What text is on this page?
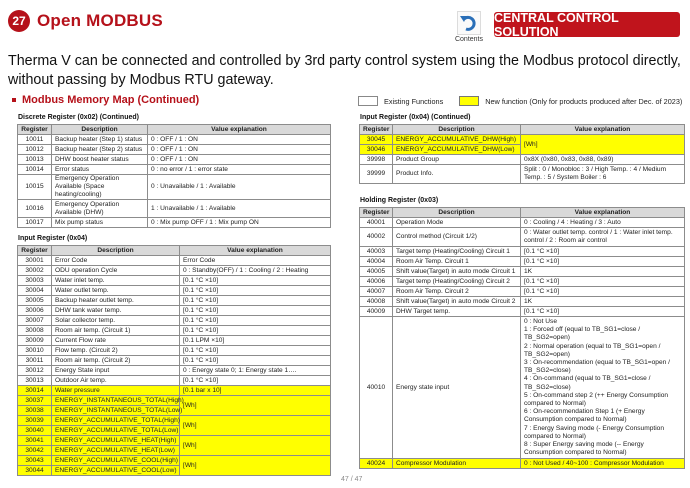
27 Open MODBUS
Contents
CENTRAL CONTROL SOLUTION
Therma V can be connected and controlled by 3rd party control system using the Modbus protocol directly, without passing by Modbus RTU gateway.
Modbus Memory Map (Continued)	Existing Functions	New function (Only for products produced after Dec. of 2023)
Discrete Register (0x02) (Continued)
Register	Description	Value explanation
10011	Backup heater (Step 1) status	0 : OFF / 1 : ON
10012	Backup heater (Step 2) status	0 : OFF / 1 : ON
10013	DHW boost heater status	0 : OFF / 1 : ON
10014	Error status	0 : no error / 1 : error state
10015	Emergency Operation Available (Space heating/cooling)	0 : Unavailable / 1 : Available
10016	Emergency Operation Available (DHW)	1 : Unavailable / 1 : Available
10017	Mix pump status	0 : Mix pump OFF / 1 : Mix pump ON
Input Register (0x04)
Register	Description	Value explanation
30001	Error Code	Error Code
30002	ODU operation Cycle	0 : Standby(OFF) / 1 : Cooling / 2 : Heating
30003	Water inlet temp.	[0.1 °C ×10]
30004	Water outlet temp.	[0.1 °C ×10]
30005	Backup heater outlet temp.	[0.1 °C ×10]
30006	DHW tank water temp.	[0.1 °C ×10]
30007	Solar collector temp.	[0.1 °C ×10]
30008	Room air temp. (Circuit 1)	[0.1 °C ×10]
30009	Current Flow rate	[0.1 LPM ×10]
30010	Flow temp. (Circuit 2)	[0.1 °C ×10]
30011	Room air temp. (Circuit 2)	[0.1 °C ×10]
30012	Energy State input	0 : Energy state 0; 1: Energy state 1….
30013	Outdoor Air temp.	[0.1 °C ×10]
30014	Water pressure	[0.1 bar x 10]
30037	ENERGY_INSTANTANEOUS_TOTAL(High)	[Wh]
30038	ENERGY_INSTANTANEOUS_TOTAL(Low)	
30039	ENERGY_ACCUMULATIVE_TOTAL(High)	[Wh]
30040	ENERGY_ACCUMULATIVE_TOTAL(Low)	
30041	ENERGY_ACCUMULATIVE_HEAT(High)	[Wh]
30042	ENERGY_ACCUMULATIVE_HEAT(Low)	
30043	ENERGY_ACCUMULATIVE_COOL(High)	[Wh]
30044	ENERGY_ACCUMULATIVE_COOL(Low)	
Input Register (0x04) (Continued)
Register	Description	Value explanation
30045	ENERGY_ACCUMULATIVE_DHW(High)	[Wh]
30046	ENERGY_ACCUMULATIVE_DHW(Low)	
39998	Product Group	0x8X (0x80, 0x83, 0x88, 0x89)
39999	Product Info.	Split : 0 / Monobloc : 3 / High Temp. : 4 / Medium Temp. : 5 / System Boiler : 6
Holding Register (0x03)
Register	Description	Value explanation
40001	Operation Mode	0 : Cooling / 4 : Heating / 3 : Auto
40002	Control method (Circuit 1/2)	0 : Water outlet temp. control / 1 : Water inlet temp. control / 2 : Room air control
40003	Target temp (Heating/Cooling) Circuit 1	[0.1 °C ×10]
40004	Room Air Temp. Circuit 1	[0.1 °C ×10]
40005	Shift value(Target) in auto mode Circuit 1	1K
40006	Target temp (Heating/Cooling) Circuit 2	[0.1 °C ×10]
40007	Room Air Temp. Circuit 2	[0.1 °C ×10]
40008	Shift value(Target) in auto mode Circuit 2	1K
40009	DHW Target temp.	[0.1 °C ×10]
40010	Energy state input	
0 : Not Use
1 : Forced off (equal to TB_SG1=close / TB_SG2=open)
2 : Normal operation (equal to TB_SG1=open / TB_SG2=open)
3 : On-recommendation (equal to TB_SG1=open / TB_SG2=close)
4 : On-command (equal to TB_SG1=close / TB_SG2=close)
5 : On-command step 2 (++ Energy Consumption compared to Normal)
6 : On-recommendation Step 1 (+ Energy Consumption compared to Normal)
7 : Energy Saving mode (- Energy Consumption compared to Normal)
8 : Super Energy saving mode (-- Energy Consumption compared to Normal)

40024	Compressor Modulation	0 : Not Used / 40~100 : Compressor Modulation
47 / 47
